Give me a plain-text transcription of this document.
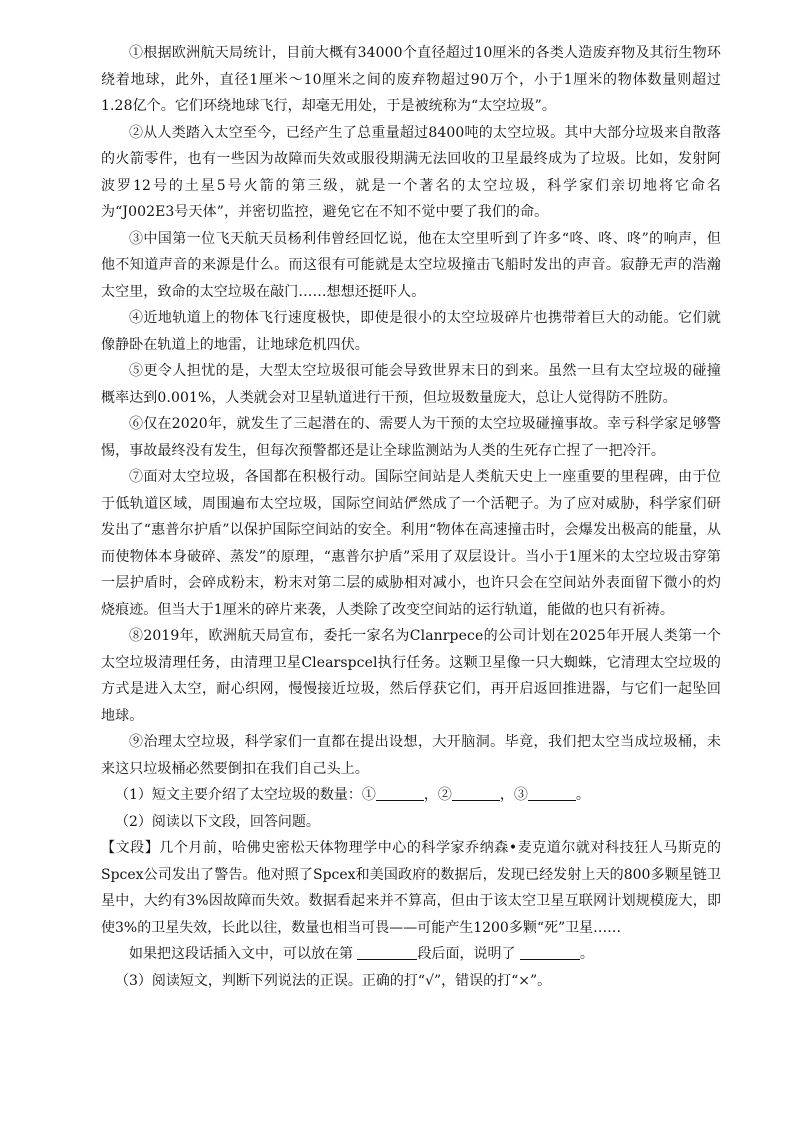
①根据欧洲航天局统计，目前大概有34000个直径超过10厘米的各类人造废弃物及其衍生物环绕着地球，此外，直径1厘米～10厘米之间的废弃物超过90万个，小于1厘米的物体数量则超过1.28亿个。它们环绕地球飞行，却毫无用处，于是被统称为“太空垃圾”。

②从人类踏入太空至今，已经产生了总重量超过8400吨的太空垃圾。其中大部分垃圾来自散落的火箭零件，也有一些因为故障而失效或服役期满无法回收的卫星最终成为了垃圾。比如，发射阿波罗12号的土星5号火箭的第三级，就是一个著名的太空垃圾，科学家们亲切地将它命名为“J002E3号天体”，并密切监控，避免它在不知不觉中要了我们的命。

③中国第一位飞天航天员杨利伟曾经回忆说，他在太空里听到了许多“咚、咚、咚”的响声，但他不知道声音的来源是什么。而这很有可能就是太空垃圾撞击飞船时发出的声音。寂静无声的浩瀚太空里，致命的太空垃圾在敲门……想想还挺吓人。

④近地轨道上的物体飞行速度极快，即使是很小的太空垃圾碎片也携带着巨大的动能。它们就像静卧在轨道上的地雷，让地球危机四伏。

⑤更令人担忧的是，大型太空垃圾很可能会导致世界末日的到来。虽然一旦有太空垃圾的碰撞概率达到0.001%，人类就会对卫星轨道进行干预，但垃圾数量庞大，总让人觉得防不胜防。

⑥仅在2020年，就发生了三起潜在的、需要人为干预的太空垃圾碰撞事故。幸亏科学家足够警惕，事故最终没有发生，但每次预警都还是让全球监测站为人类的生死存亡捏了一把冷汗。

⑦面对太空垃圾，各国都在积极行动。国际空间站是人类航天史上一座重要的里程碑，由于位于低轨道区域，周围遍布太空垃圾，国际空间站俨然成了一个活靶子。为了应对威胁，科学家们研发出了“惠普尔护盾”以保护国际空间站的安全。利用“物体在高速撞击时，会爆发出极高的能量，从而使物体本身破碎、蒸发”的原理，“惠普尔护盾”采用了双层设计。当小于1厘米的太空垃圾击穿第一层护盾时，会碎成粉末，粉末对第二层的威胁相对减小，也许只会在空间站外表面留下微小的灼烧痕迹。但当大于1厘米的碎片来袭，人类除了改变空间站的运行轨道，能做的也只有祈祷。

⑧2019年，欧洲航天局宣布，委托一家名为Clanrpece的公司计划在2025年开展人类第一个太空垃圾清理任务，由清理卫星Clearspcel执行任务。这颗卫星像一只大蜘蛛，它清理太空垃圾的方式是进入太空，耐心织网，慢慢接近垃圾，然后俘获它们，再开启返回推进器，与它们一起坠回地球。

⑨治理太空垃圾，科学家们一直都在提出设想，大开脑洞。毕竟，我们把太空当成垃圾桶，未来这只垃圾桶必然要倒扣在我们自己头上。

（1）短文主要介绍了太空垃圾的数量：①	，②	，③	。

（2）阅读以下文段，回答问题。

【文段】几个月前，哈佛史密松天体物理学中心的科学家乔纳森•麦克道尔就对科技狂人马斯克的Spcex公司发出了警告。他对照了Spcex和美国政府的数据后，发现已经发射上天的800多颗星链卫星中，大约有3%因故障而失效。数据看起来并不算高，但由于该太空卫星互联网计划规模庞大，即使3%的卫星失效，长此以往，数量也相当可畏——可能产生1200多颗“死”卫星……

如果把这段话插入文中，可以放在第	段后面，说明了	。

（3）阅读短文，判断下列说法的正误。正确的打“√”，错误的打“×”。
